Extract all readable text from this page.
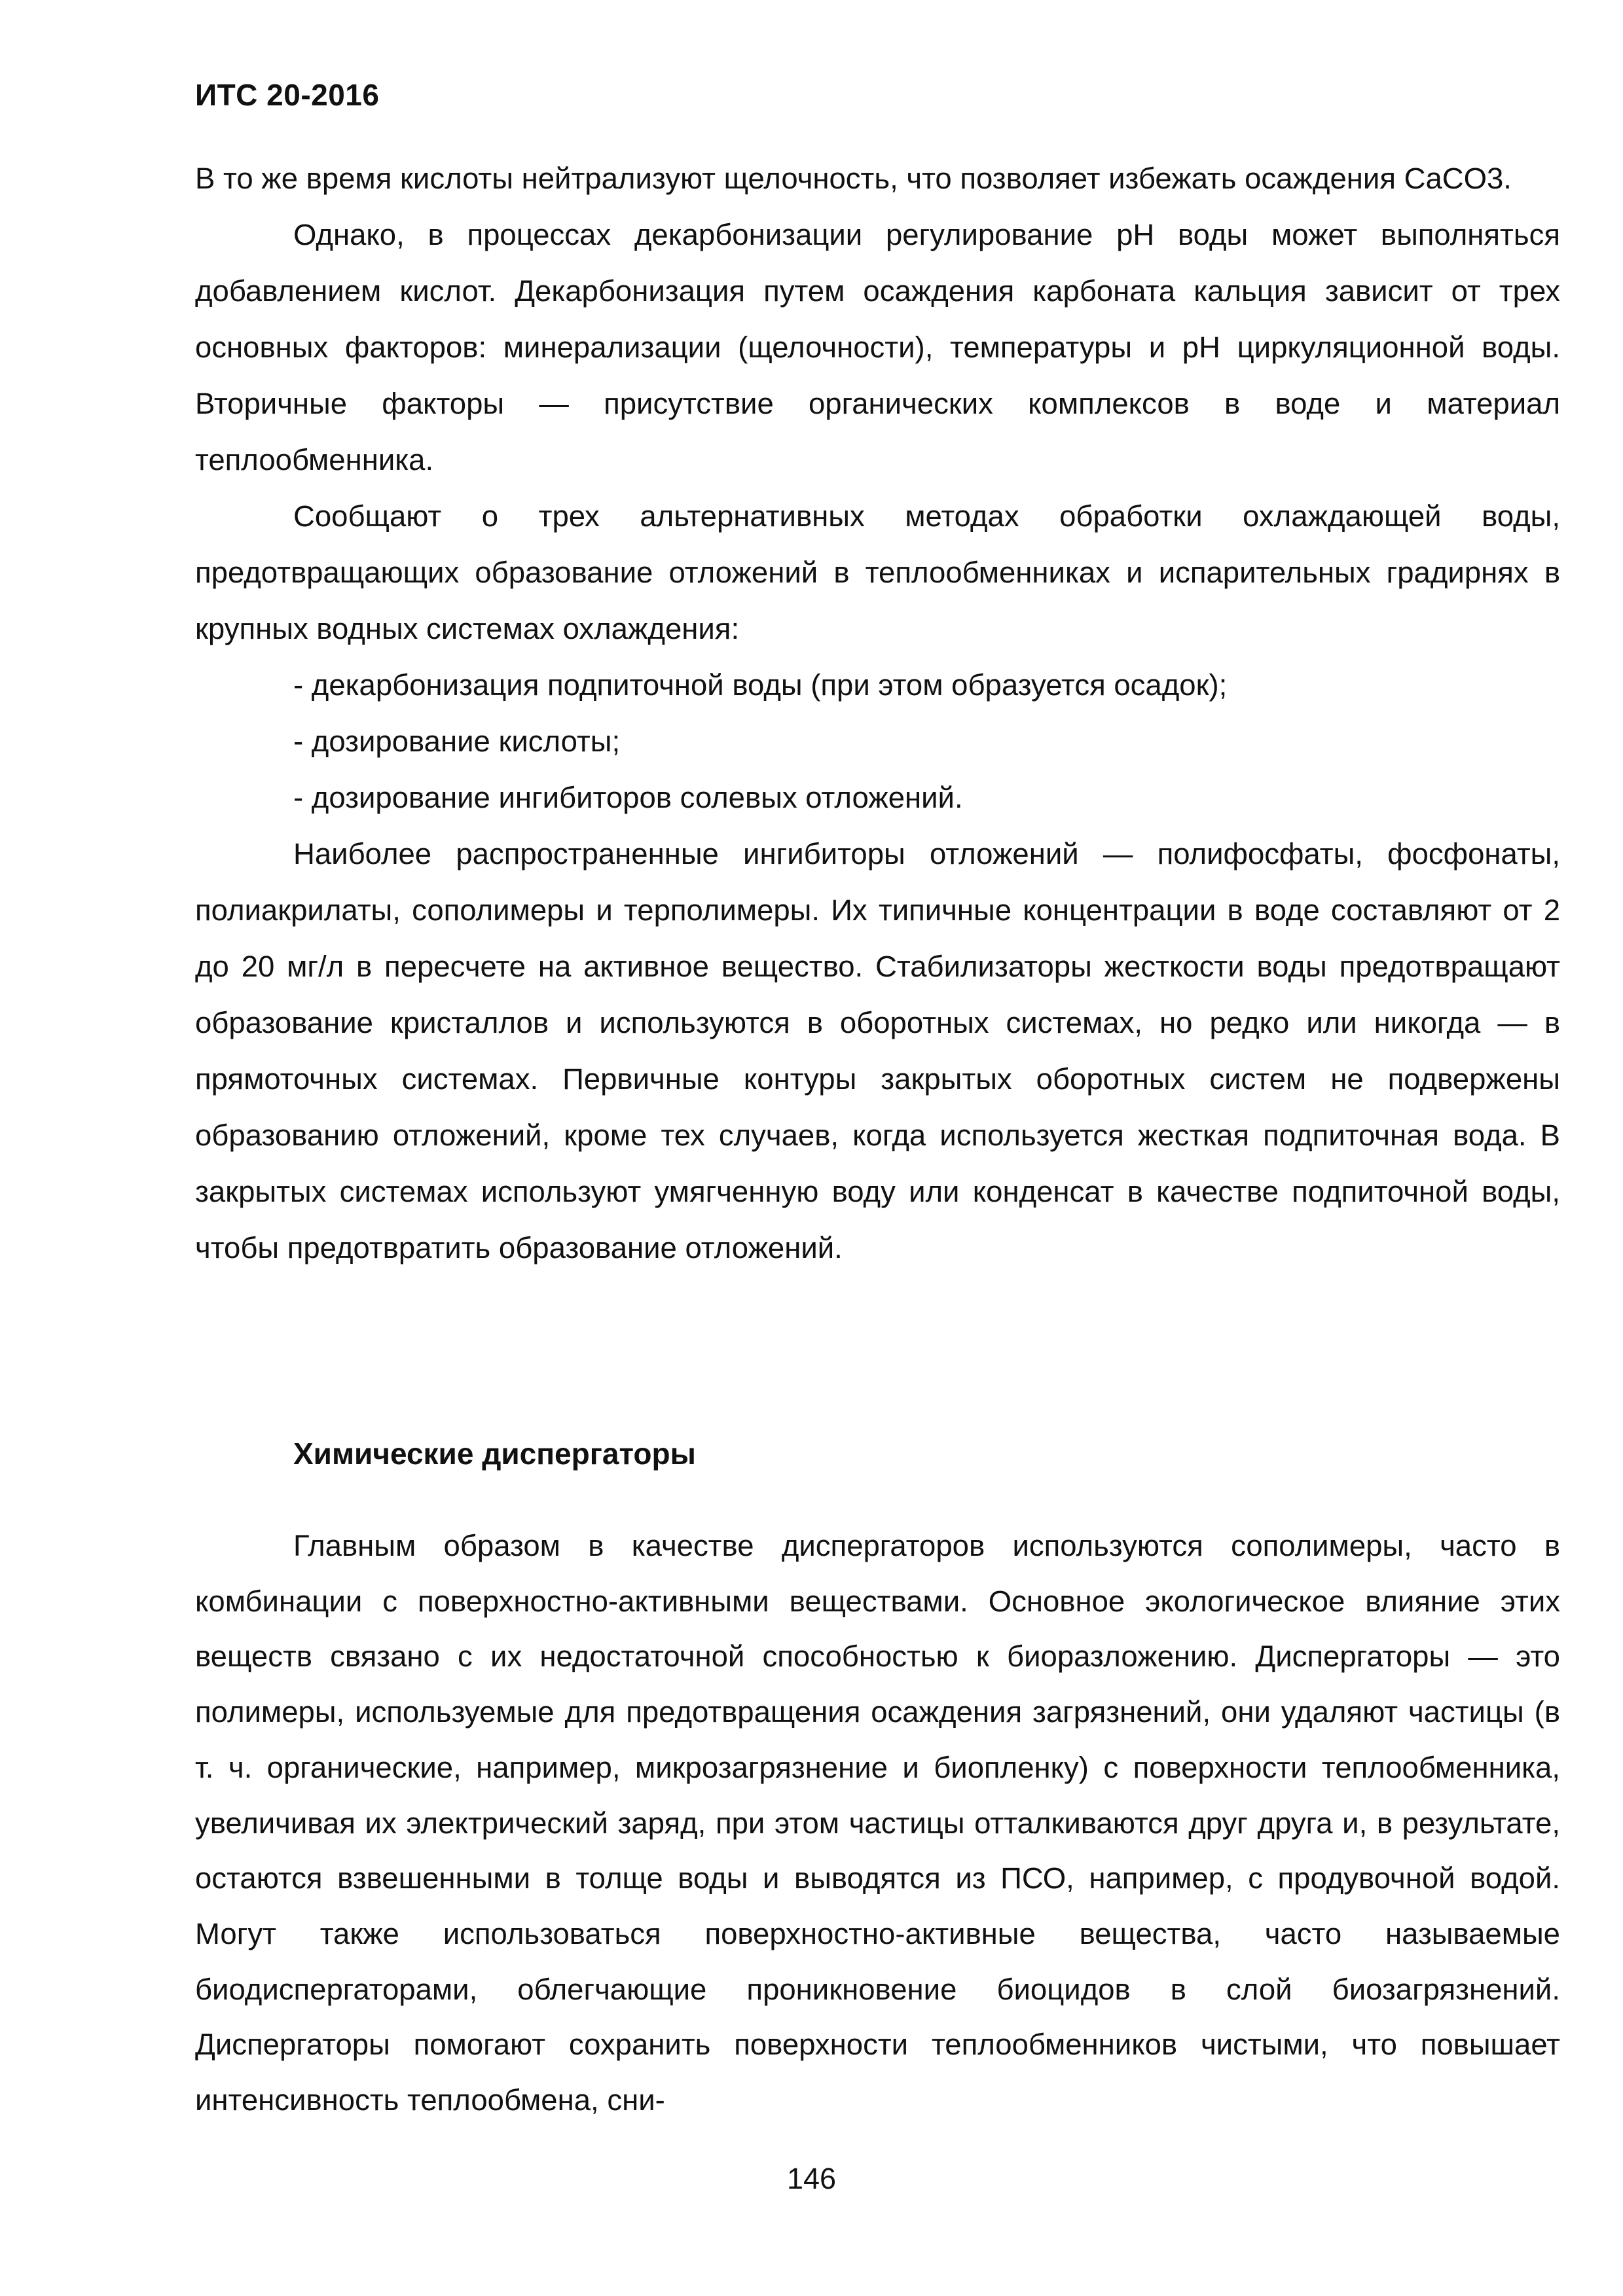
ИТС 20-2016

В то же время кислоты нейтрализуют щелочность, что позволяет избежать осаждения CaCO3.

Однако, в процессах декарбонизации регулирование pH воды может выполняться добавлением кислот. Декарбонизация путем осаждения карбоната кальция зависит от трех основных факторов: минерализации (щелочности), температуры и pH циркуляционной воды. Вторичные факторы — присутствие органических комплексов в воде и материал теплообменника.

Сообщают о трех альтернативных методах обработки охлаждающей воды, предотвращающих образование отложений в теплообменниках и испарительных градирнях в крупных водных системах охлаждения:

- декарбонизация подпиточной воды (при этом образуется осадок);

- дозирование кислоты;

- дозирование ингибиторов солевых отложений.

Наиболее распространенные ингибиторы отложений — полифосфаты, фосфонаты, полиакрилаты, сополимеры и терполимеры. Их типичные концентрации в воде составляют от 2 до 20 мг/л в пересчете на активное вещество. Стабилизаторы жесткости воды предотвращают образование кристаллов и используются в оборотных системах, но редко или никогда — в прямоточных системах. Первичные контуры закрытых оборотных систем не подвержены образованию отложений, кроме тех случаев, когда используется жесткая подпиточная вода. В закрытых системах используют умягченную воду или конденсат в качестве подпиточной воды, чтобы предотвратить образование отложений.

Химические диспергаторы

Главным образом в качестве диспергаторов используются сополимеры, часто в комбинации с поверхностно-активными веществами. Основное экологическое влияние этих веществ связано с их недостаточной способностью к биоразложению. Диспергаторы — это полимеры, используемые для предотвращения осаждения загрязнений, они удаляют частицы (в т. ч. органические, например, микрозагрязнение и биопленку) с поверхности теплообменника, увеличивая их электрический заряд, при этом частицы отталкиваются друг друга и, в результате, остаются взвешенными в толще воды и выводятся из ПСО, например, с продувочной водой. Могут также использоваться поверхностно-активные вещества, часто называемые биодиспергаторами, облегчающие проникновение биоцидов в слой биозагрязнений. Диспергаторы помогают сохранить поверхности теплообменников чистыми, что повышает интенсивность теплообмена, сни-

146
